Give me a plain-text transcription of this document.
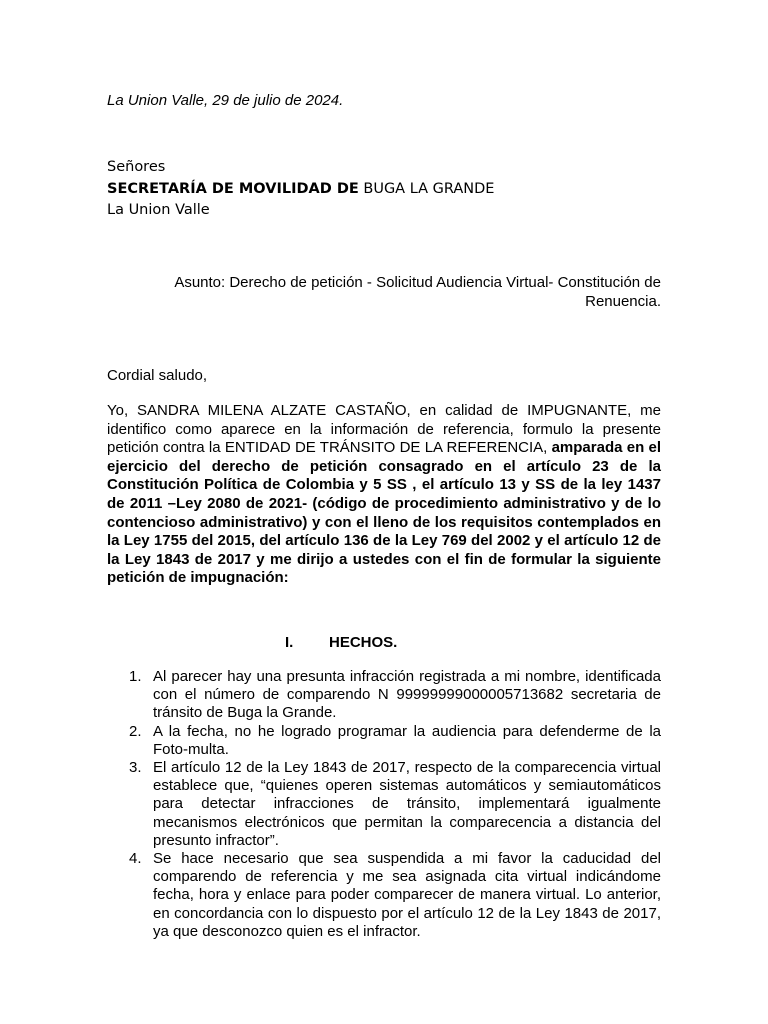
La Union Valle, 29 de julio de 2024.
Señores
SECRETARÍA DE MOVILIDAD DE BUGA LA GRANDE
La Union Valle
Asunto: Derecho de petición - Solicitud Audiencia Virtual- Constitución de Renuencia.
Cordial saludo,
Yo, SANDRA MILENA ALZATE CASTAÑO, en calidad de IMPUGNANTE, me identifico como aparece en la información de referencia, formulo la presente petición contra la ENTIDAD DE TRÁNSITO DE LA REFERENCIA, amparada en el ejercicio del derecho de petición consagrado en el artículo 23 de la Constitución Política de Colombia y 5 SS , el artículo 13 y SS de la ley 1437 de 2011 –Ley 2080 de 2021- (código de procedimiento administrativo y de lo contencioso administrativo) y con el lleno de los requisitos contemplados en la Ley 1755 del 2015, del artículo 136 de la Ley 769 del 2002 y el artículo 12 de la Ley 1843 de 2017 y me dirijo a ustedes con el fin de formular la siguiente petición de impugnación:
I. HECHOS.
1. Al parecer hay una presunta infracción registrada a mi nombre, identificada con el número de comparendo N 99999999000005713682 secretaria de tránsito de Buga la Grande.
2. A la fecha, no he logrado programar la audiencia para defenderme de la Foto-multa.
3. El artículo 12 de la Ley 1843 de 2017, respecto de la comparecencia virtual establece que, “quienes operen sistemas automáticos y semiautomáticos para detectar infracciones de tránsito, implementará igualmente mecanismos electrónicos que permitan la comparecencia a distancia del presunto infractor”.
4. Se hace necesario que sea suspendida a mi favor la caducidad del comparendo de referencia y me sea asignada cita virtual indicándome fecha, hora y enlace para poder comparecer de manera virtual. Lo anterior, en concordancia con lo dispuesto por el artículo 12 de la Ley 1843 de 2017, ya que desconozco quien es el infractor.
